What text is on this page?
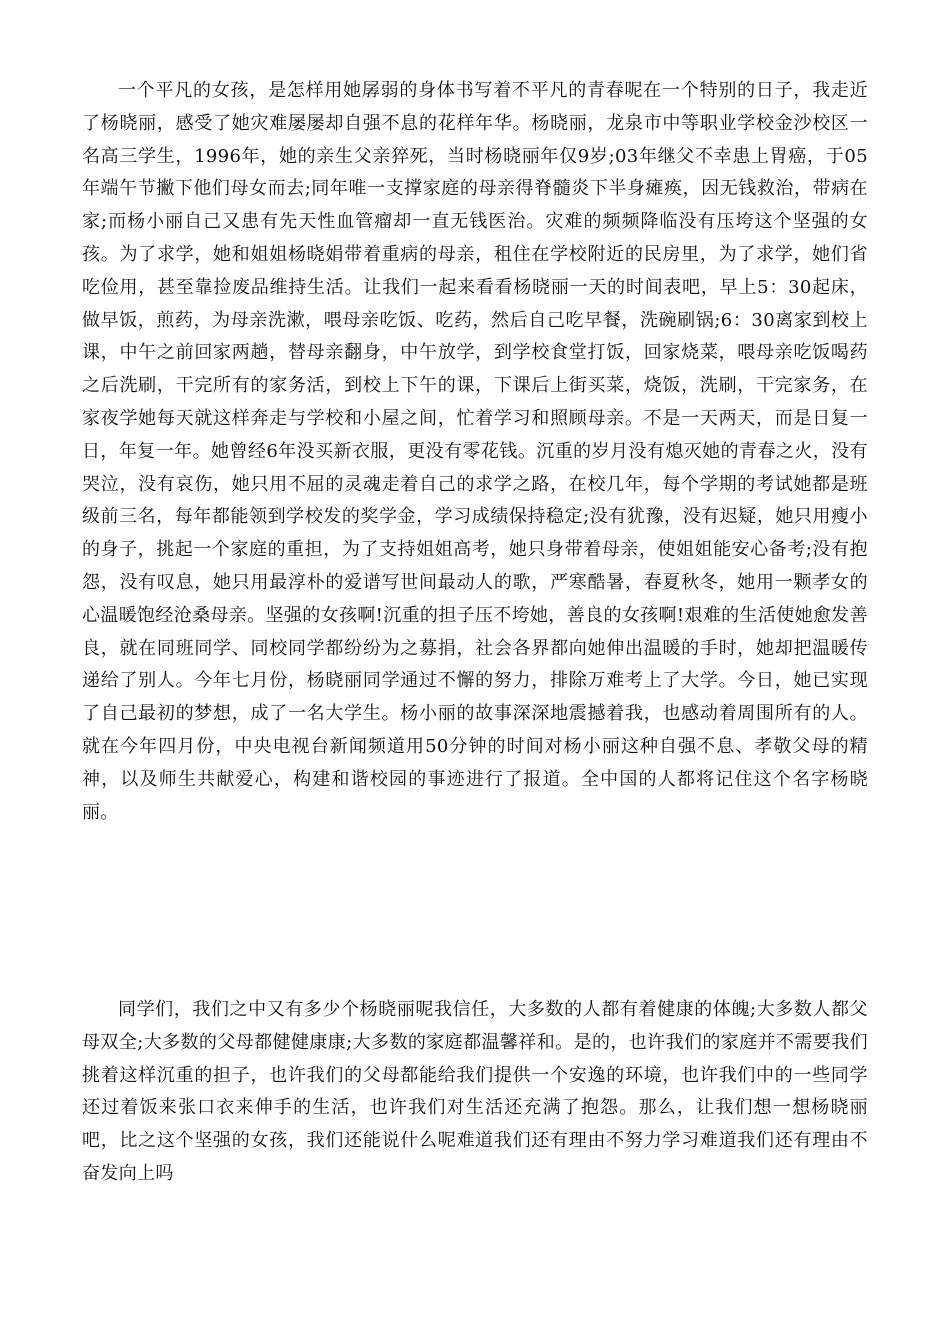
一个平凡的女孩，是怎样用她孱弱的身体书写着不平凡的青春呢在一个特别的日子，我走近了杨晓丽，感受了她灾难屡屡却自强不息的花样年华。杨晓丽，龙泉市中等职业学校金沙校区一名高三学生，1996年，她的亲生父亲猝死，当时杨晓丽年仅9岁;03年继父不幸患上胃癌，于05年端午节撇下他们母女而去;同年唯一支撑家庭的母亲得脊髓炎下半身瘫痪，因无钱救治，带病在家;而杨小丽自己又患有先天性血管瘤却一直无钱医治。灾难的频频降临没有压垮这个坚强的女孩。为了求学，她和姐姐杨晓娟带着重病的母亲，租住在学校附近的民房里，为了求学，她们省吃俭用，甚至靠捡废品维持生活。让我们一起来看看杨晓丽一天的时间表吧，早上5：30起床，做早饭，煎药，为母亲洗漱，喂母亲吃饭、吃药，然后自己吃早餐，洗碗刷锅;6：30离家到校上课，中午之前回家两趟，替母亲翻身，中午放学，到学校食堂打饭，回家烧菜，喂母亲吃饭喝药之后洗刷，干完所有的家务活，到校上下午的课，下课后上街买菜，烧饭，洗刷，干完家务，在家夜学她每天就这样奔走与学校和小屋之间，忙着学习和照顾母亲。不是一天两天，而是日复一日，年复一年。她曾经6年没买新衣服，更没有零花钱。沉重的岁月没有熄灭她的青春之火，没有哭泣，没有哀伤，她只用不屈的灵魂走着自己的求学之路，在校几年，每个学期的考试她都是班级前三名，每年都能领到学校发的奖学金，学习成绩保持稳定;没有犹豫，没有迟疑，她只用瘦小的身子，挑起一个家庭的重担，为了支持姐姐高考，她只身带着母亲，使姐姐能安心备考;没有抱怨，没有叹息，她只用最淳朴的爱谱写世间最动人的歌，严寒酷暑，春夏秋冬，她用一颗孝女的心温暖饱经沧桑母亲。坚强的女孩啊!沉重的担子压不垮她，善良的女孩啊!艰难的生活使她愈发善良，就在同班同学、同校同学都纷纷为之募捐，社会各界都向她伸出温暖的手时，她却把温暖传递给了别人。今年七月份，杨晓丽同学通过不懈的努力，排除万难考上了大学。今日，她已实现了自己最初的梦想，成了一名大学生。杨小丽的故事深深地震撼着我，也感动着周围所有的人。就在今年四月份，中央电视台新闻频道用50分钟的时间对杨小丽这种自强不息、孝敬父母的精神，以及师生共献爱心，构建和谐校园的事迹进行了报道。全中国的人都将记住这个名字杨晓丽。

同学们，我们之中又有多少个杨晓丽呢我信任，大多数的人都有着健康的体魄;大多数人都父母双全;大多数的父母都健健康康;大多数的家庭都温馨祥和。是的，也许我们的家庭并不需要我们挑着这样沉重的担子，也许我们的父母都能给我们提供一个安逸的环境，也许我们中的一些同学还过着饭来张口衣来伸手的生活，也许我们对生活还充满了抱怨。那么，让我们想一想杨晓丽吧，比之这个坚强的女孩，我们还能说什么呢难道我们还有理由不努力学习难道我们还有理由不奋发向上吗
